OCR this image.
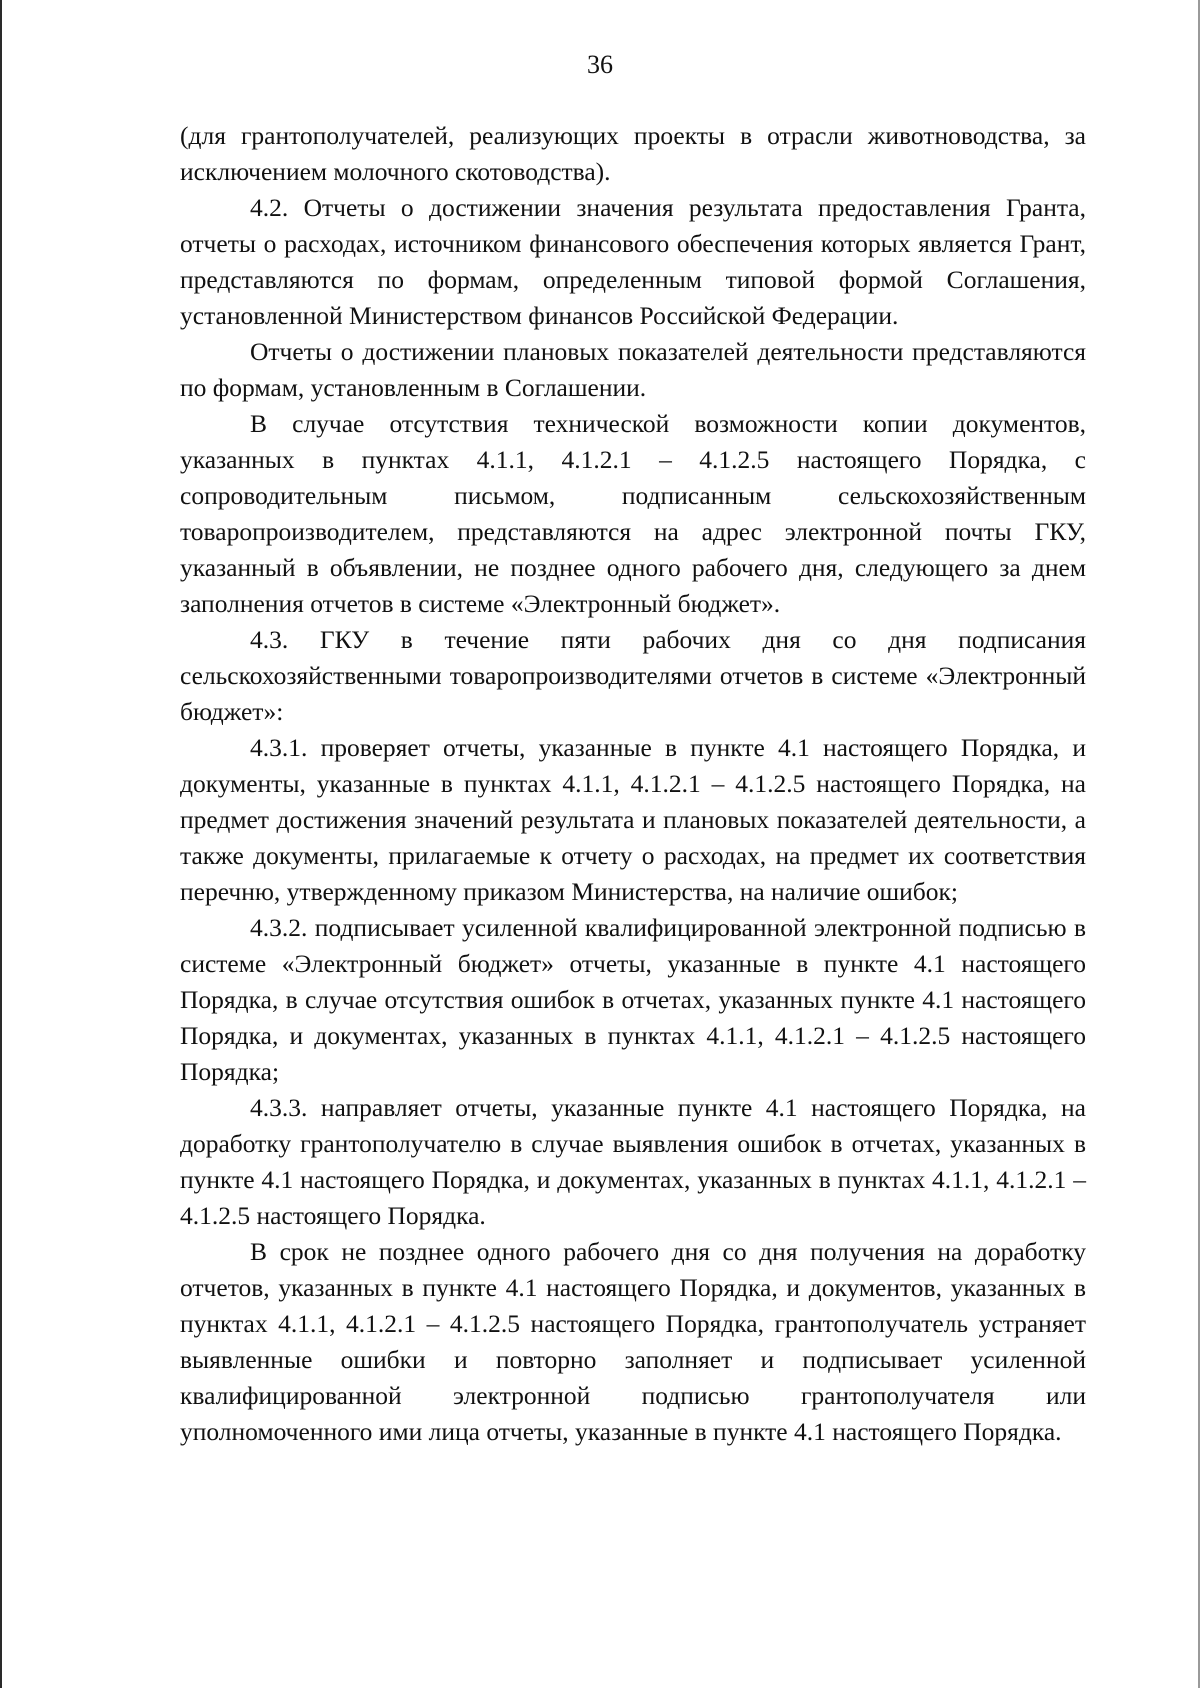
36

(для грантополучателей, реализующих проекты в отрасли животноводства, за исключением молочного скотоводства).

4.2. Отчеты о достижении значения результата предоставления Гранта, отчеты о расходах, источником финансового обеспечения которых является Грант, представляются по формам, определенным типовой формой Соглашения, установленной Министерством финансов Российской Федерации.

Отчеты о достижении плановых показателей деятельности представляются по формам, установленным в Соглашении.

В случае отсутствия технической возможности копии документов, указанных в пунктах 4.1.1, 4.1.2.1 – 4.1.2.5 настоящего Порядка, с сопроводительным письмом, подписанным сельскохозяйственным товаропроизводителем, представляются на адрес электронной почты ГКУ, указанный в объявлении, не позднее одного рабочего дня, следующего за днем заполнения отчетов в системе «Электронный бюджет».

4.3. ГКУ в течение пяти рабочих дня со дня подписания сельскохозяйственными товаропроизводителями отчетов в системе «Электронный бюджет»:

4.3.1. проверяет отчеты, указанные в пункте 4.1 настоящего Порядка, и документы, указанные в пунктах 4.1.1, 4.1.2.1 – 4.1.2.5 настоящего Порядка, на предмет достижения значений результата и плановых показателей деятельности, а также документы, прилагаемые к отчету о расходах, на предмет их соответствия перечню, утвержденному приказом Министерства, на наличие ошибок;

4.3.2. подписывает усиленной квалифицированной электронной подписью в системе «Электронный бюджет» отчеты, указанные в пункте 4.1 настоящего Порядка, в случае отсутствия ошибок в отчетах, указанных пункте 4.1 настоящего Порядка, и документах, указанных в пунктах 4.1.1, 4.1.2.1 – 4.1.2.5 настоящего Порядка;

4.3.3. направляет отчеты, указанные пункте 4.1 настоящего Порядка, на доработку грантополучателю в случае выявления ошибок в отчетах, указанных в пункте 4.1 настоящего Порядка, и документах, указанных в пунктах 4.1.1, 4.1.2.1 – 4.1.2.5 настоящего Порядка.

В срок не позднее одного рабочего дня со дня получения на доработку отчетов, указанных в пункте 4.1 настоящего Порядка, и документов, указанных в пунктах 4.1.1, 4.1.2.1 – 4.1.2.5 настоящего Порядка, грантополучатель устраняет выявленные ошибки и повторно заполняет и подписывает усиленной квалифицированной электронной подписью грантополучателя или уполномоченного ими лица отчеты, указанные в пункте 4.1 настоящего Порядка.
